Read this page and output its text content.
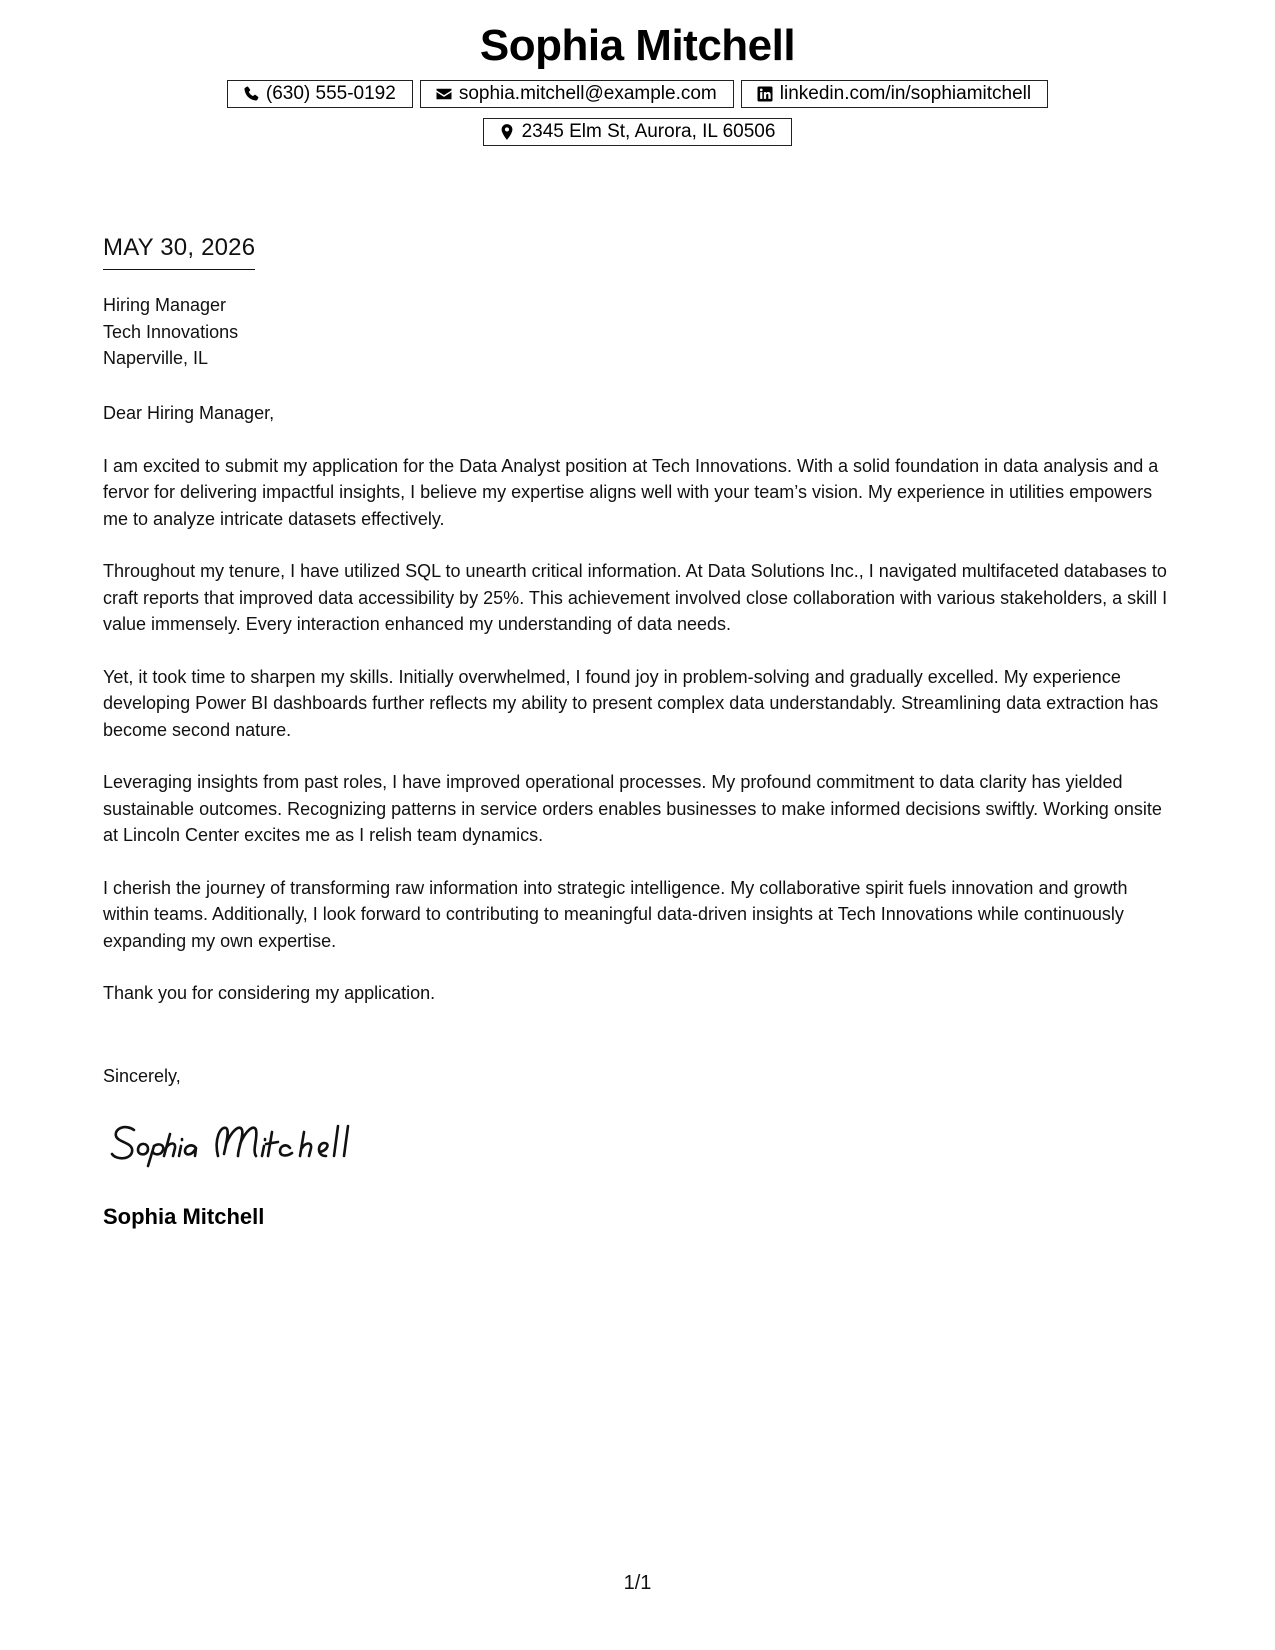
Sophia Mitchell
(630) 555-0192	sophia.mitchell@example.com	linkedin.com/in/sophiamitchell
2345 Elm St, Aurora, IL 60506
MAY 30, 2026
Hiring Manager
Tech Innovations
Naperville, IL

Dear Hiring Manager,

I am excited to submit my application for the Data Analyst position at Tech Innovations. With a solid foundation in data analysis and a fervor for delivering impactful insights, I believe my expertise aligns well with your team’s vision. My experience in utilities empowers me to analyze intricate datasets effectively.

Throughout my tenure, I have utilized SQL to unearth critical information. At Data Solutions Inc., I navigated multifaceted databases to craft reports that improved data accessibility by 25%. This achievement involved close collaboration with various stakeholders, a skill I value immensely. Every interaction enhanced my understanding of data needs.

Yet, it took time to sharpen my skills. Initially overwhelmed, I found joy in problem-solving and gradually excelled. My experience developing Power BI dashboards further reflects my ability to present complex data understandably. Streamlining data extraction has become second nature.

Leveraging insights from past roles, I have improved operational processes. My profound commitment to data clarity has yielded sustainable outcomes. Recognizing patterns in service orders enables businesses to make informed decisions swiftly. Working onsite at Lincoln Center excites me as I relish team dynamics.

I cherish the journey of transforming raw information into strategic intelligence. My collaborative spirit fuels innovation and growth within teams. Additionally, I look forward to contributing to meaningful data-driven insights at Tech Innovations while continuously expanding my own expertise.

Thank you for considering my application.

Sincerely,
Sophia Mitchell
1/1
